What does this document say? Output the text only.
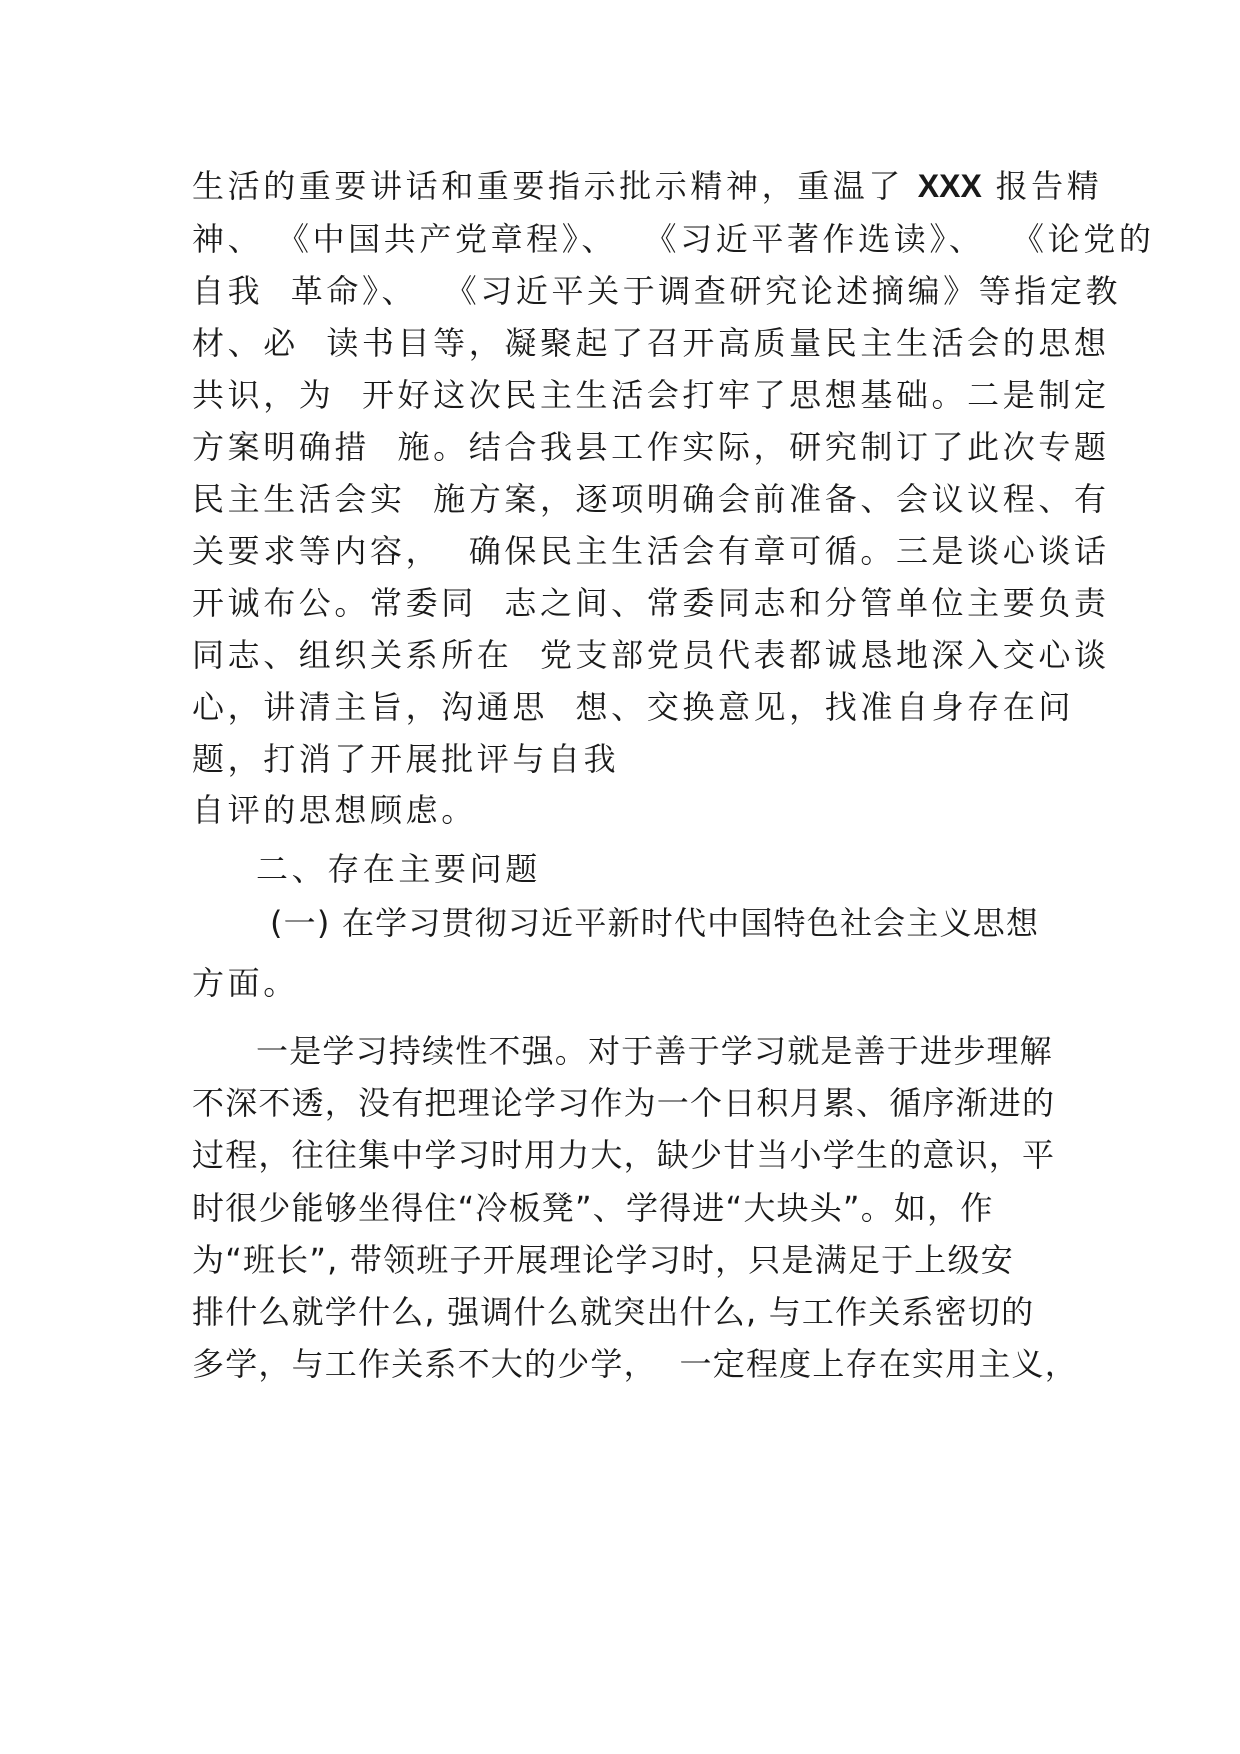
生活的重要讲话和重要指示批示精神，重温了 XXX 报告精
神、 《中国共产党章程》、  《习近平著作选读》、  《论党的
自我  革命》、  《习近平关于调查研究论述摘编》等指定教
材、必  读书目等，凝聚起了召开高质量民主生活会的思想
共识，为  开好这次民主生活会打牢了思想基础。二是制定
方案明确措  施。结合我县工作实际，研究制订了此次专题
民主生活会实  施方案，逐项明确会前准备、会议议程、有
关要求等内容，  确保民主生活会有章可循。三是谈心谈话
开诚布公。常委同  志之间、常委同志和分管单位主要负责
同志、组织关系所在  党支部党员代表都诚恳地深入交心谈
心，讲清主旨，沟通思  想、交换意见，找准自身存在问
题，打消了开展批评与自我
自评的思想顾虑。
二、存在主要问题
(一) 在学习贯彻习近平新时代中国特色社会主义思想
方面。
一是学习持续性不强。对于善于学习就是善于进步理解
不深不透，没有把理论学习作为一个日积月累、循序渐进的
过程，往往集中学习时用力大，缺少甘当小学生的意识，平
时很少能够坐得住“冷板凳”、学得进“大块头”。如，作
为“班长”, 带领班子开展理论学习时，只是满足于上级安
排什么就学什么, 强调什么就突出什么, 与工作关系密切的
多学，与工作关系不大的少学，  一定程度上存在实用主义，
